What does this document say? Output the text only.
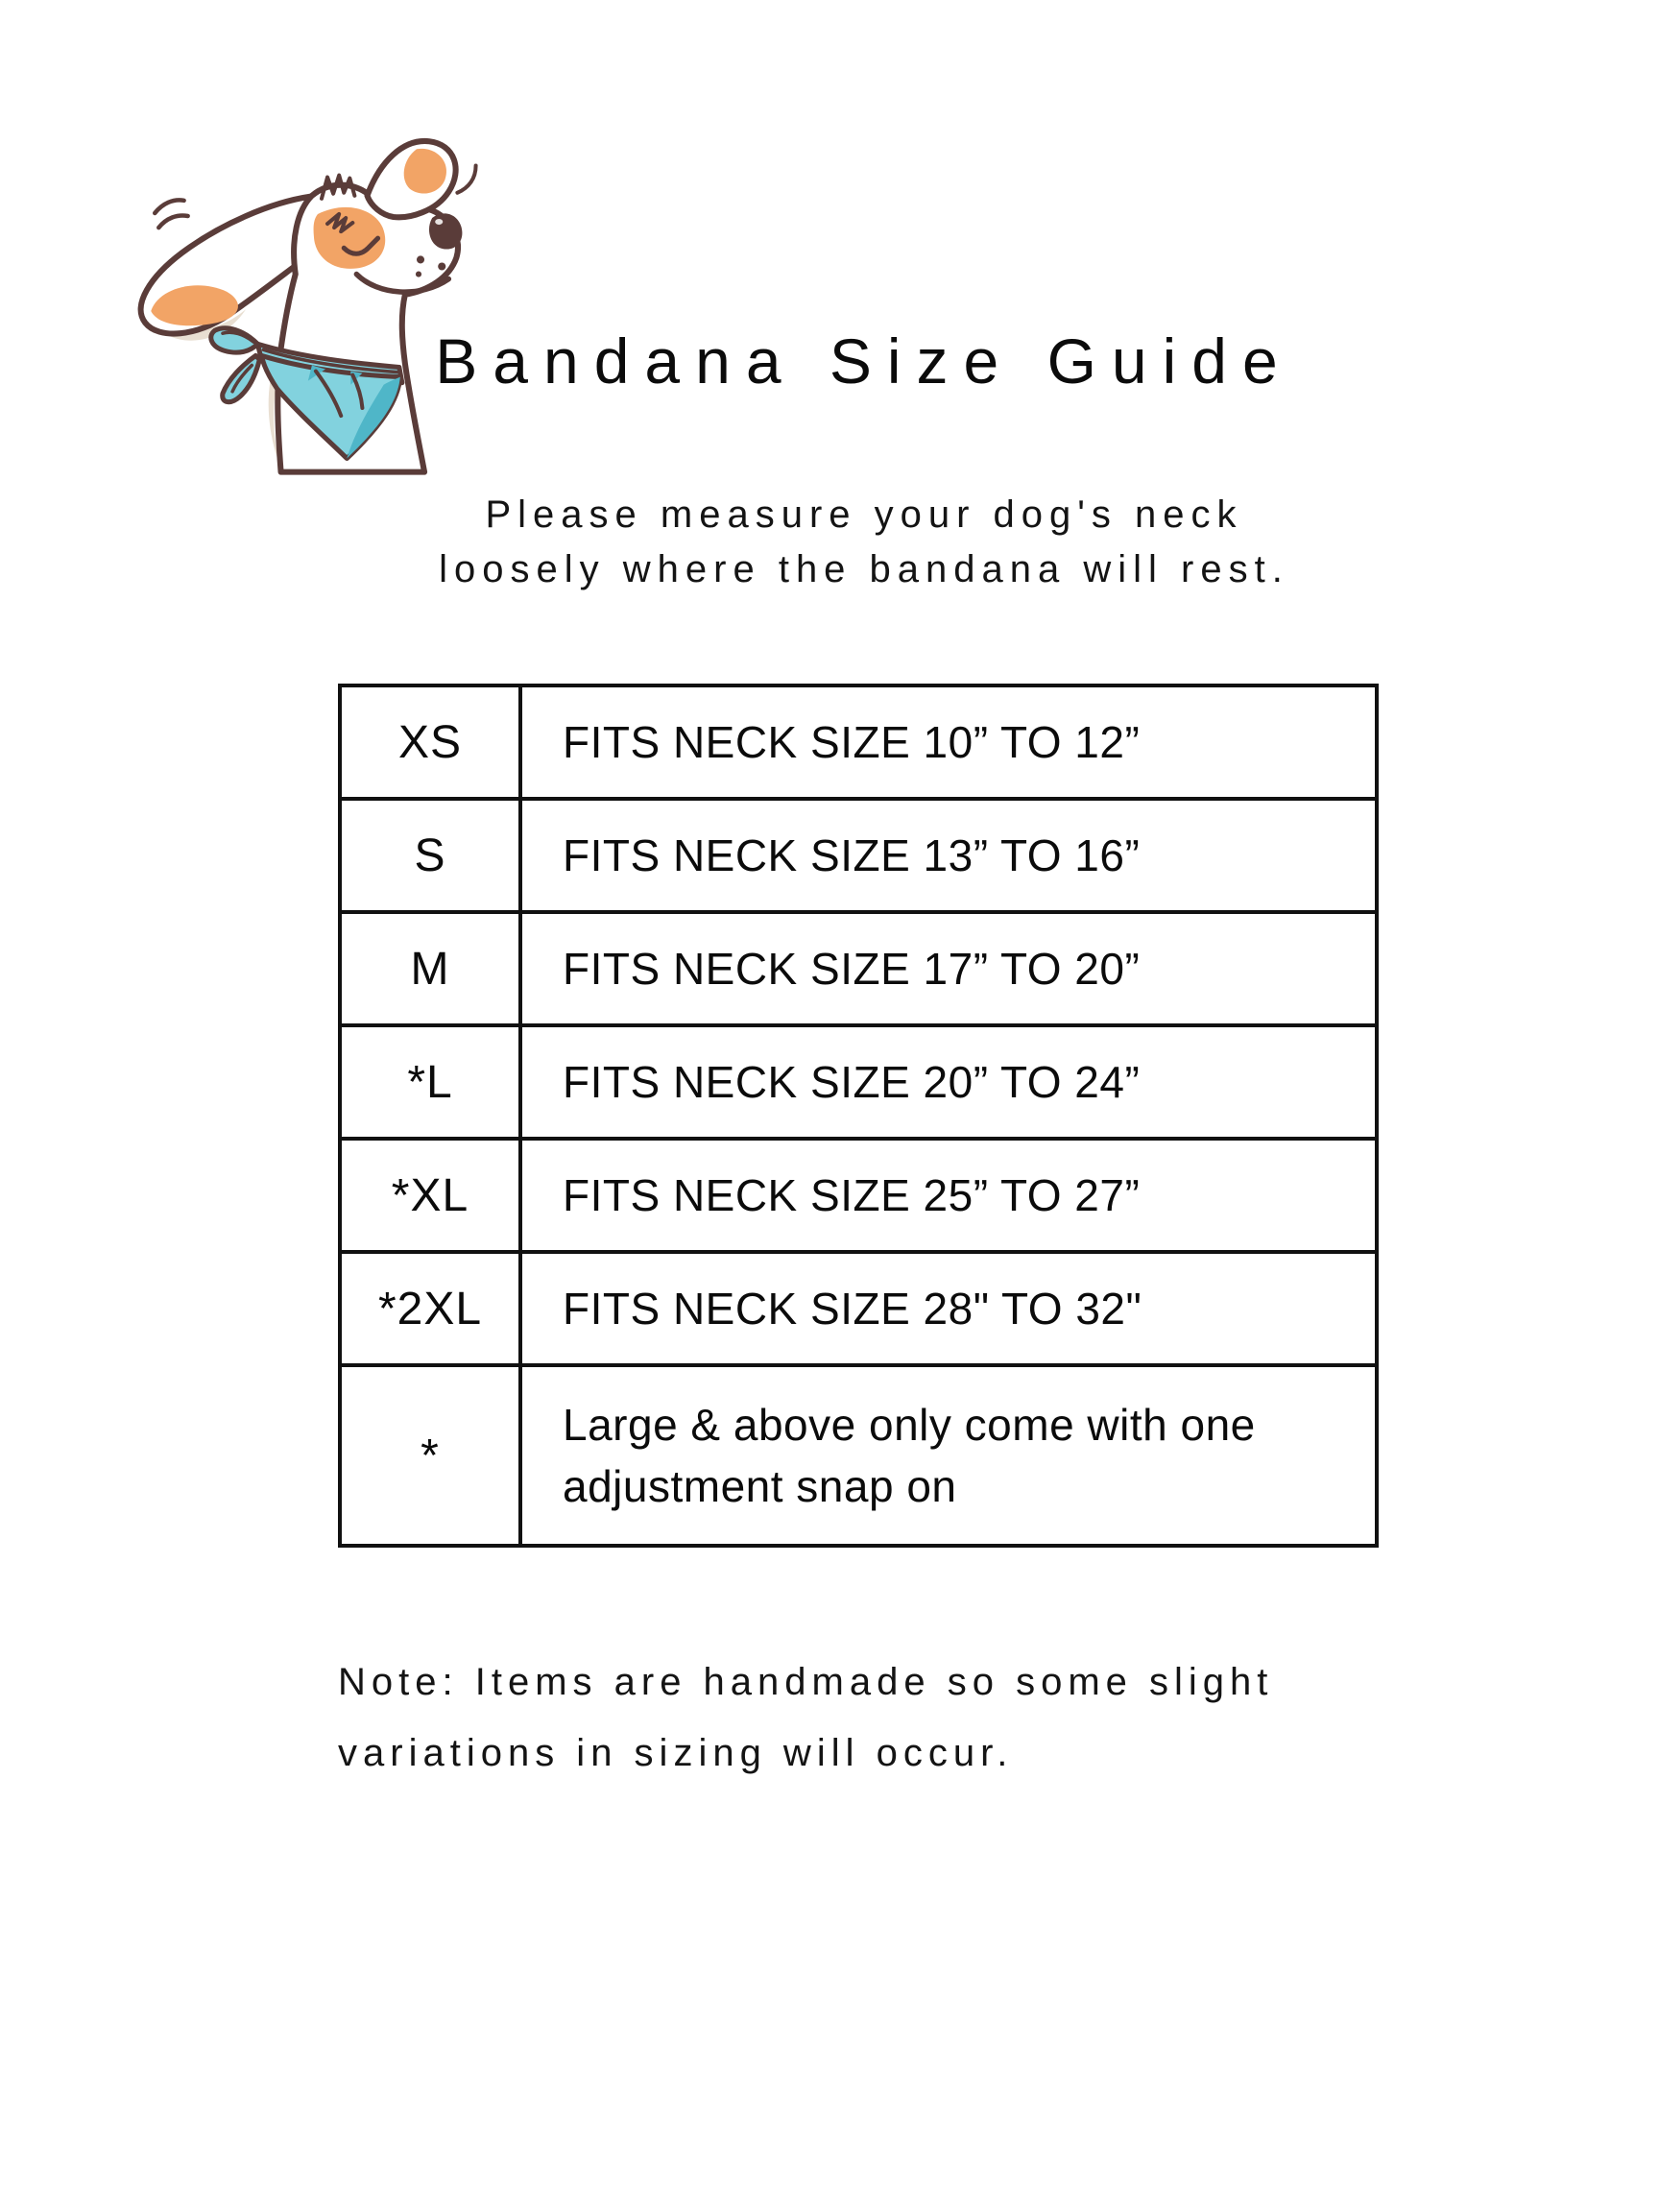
Bandana Size Guide
Please measure your dog's neck
loosely where the bandana will rest.
XS	FITS NECK SIZE 10” TO 12”
S	FITS NECK SIZE 13” TO 16”
M	FITS NECK SIZE 17” TO 20”
*L	FITS NECK SIZE 20” TO 24”
*XL	FITS NECK SIZE 25” TO 27”
*2XL	FITS NECK SIZE 28" TO 32"
*	Large & above only come with one
adjustment snap on
Note: Items are handmade so some slight
variations in sizing will occur.
